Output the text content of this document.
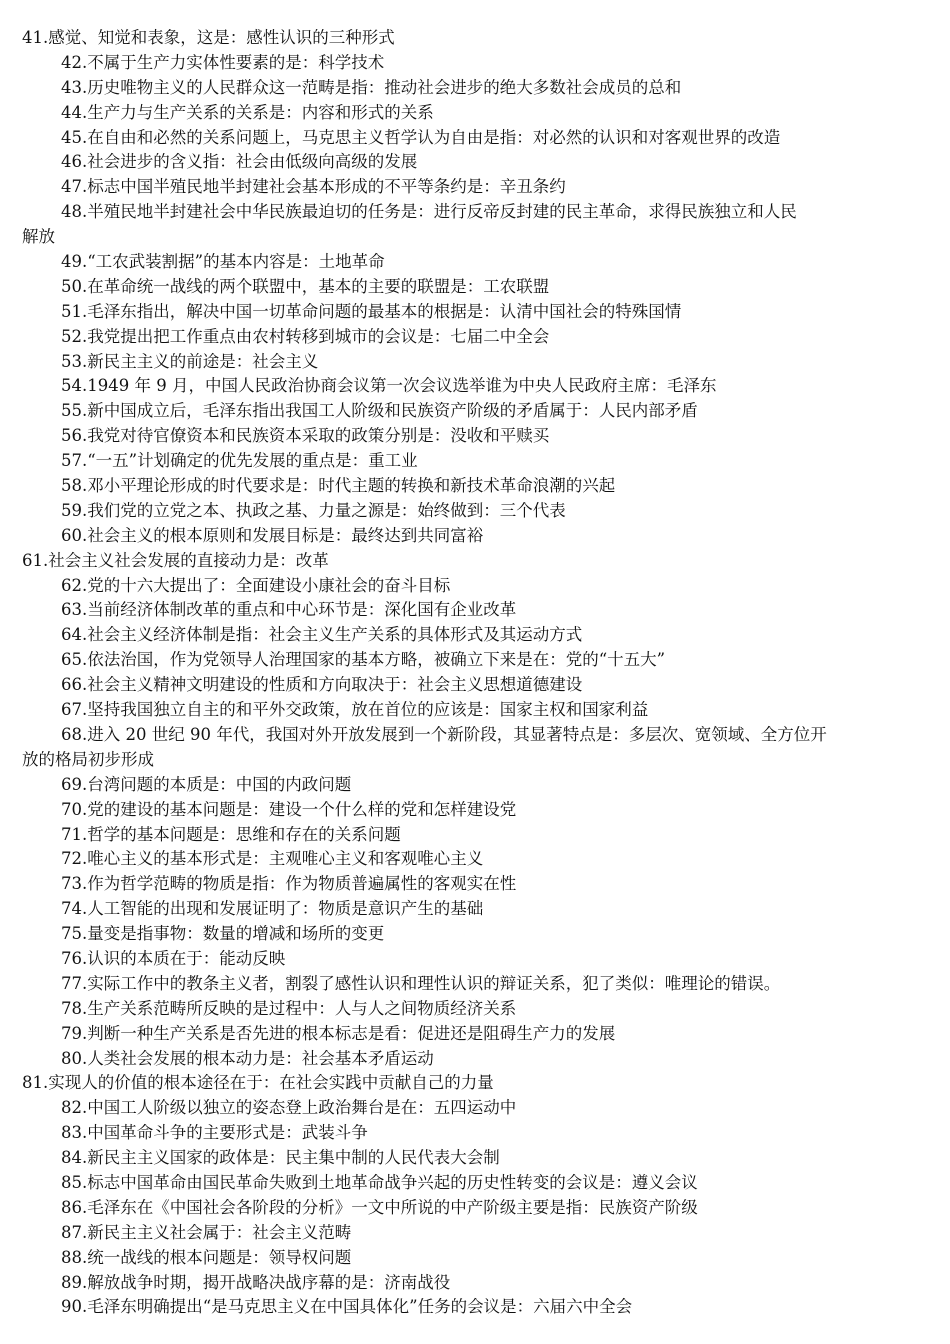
41.感觉、知觉和表象，这是：感性认识的三种形式

42.不属于生产力实体性要素的是：科学技术

43.历史唯物主义的人民群众这一范畴是指：推动社会进步的绝大多数社会成员的总和

44.生产力与生产关系的关系是：内容和形式的关系

45.在自由和必然的关系问题上，马克思主义哲学认为自由是指：对必然的认识和对客观世界的改造

46.社会进步的含义指：社会由低级向高级的发展

47.标志中国半殖民地半封建社会基本形成的不平等条约是：辛丑条约

48.半殖民地半封建社会中华民族最迫切的任务是：进行反帝反封建的民主革命，求得民族独立和人民

解放

49.“工农武装割据”的基本内容是：土地革命

50.在革命统一战线的两个联盟中，基本的主要的联盟是：工农联盟

51.毛泽东指出，解决中国一切革命问题的最基本的根据是：认清中国社会的特殊国情

52.我党提出把工作重点由农村转移到城市的会议是：七届二中全会

53.新民主主义的前途是：社会主义

54.1949 年 9 月，中国人民政治协商会议第一次会议选举谁为中央人民政府主席：毛泽东

55.新中国成立后，毛泽东指出我国工人阶级和民族资产阶级的矛盾属于：人民内部矛盾

56.我党对待官僚资本和民族资本采取的政策分别是：没收和平赎买

57.“一五”计划确定的优先发展的重点是：重工业

58.邓小平理论形成的时代要求是：时代主题的转换和新技术革命浪潮的兴起

59.我们党的立党之本、执政之基、力量之源是：始终做到：三个代表

60.社会主义的根本原则和发展目标是：最终达到共同富裕

61.社会主义社会发展的直接动力是：改革

62.党的十六大提出了：全面建设小康社会的奋斗目标

63.当前经济体制改革的重点和中心环节是：深化国有企业改革

64.社会主义经济体制是指：社会主义生产关系的具体形式及其运动方式

65.依法治国，作为党领导人治理国家的基本方略，被确立下来是在：党的“十五大”

66.社会主义精神文明建设的性质和方向取决于：社会主义思想道德建设

67.坚持我国独立自主的和平外交政策，放在首位的应该是：国家主权和国家利益

68.进入 20 世纪 90 年代，我国对外开放发展到一个新阶段，其显著特点是：多层次、宽领域、全方位开

放的格局初步形成

69.台湾问题的本质是：中国的内政问题

70.党的建设的基本问题是：建设一个什么样的党和怎样建设党

71.哲学的基本问题是：思维和存在的关系问题

72.唯心主义的基本形式是：主观唯心主义和客观唯心主义

73.作为哲学范畴的物质是指：作为物质普遍属性的客观实在性

74.人工智能的出现和发展证明了：物质是意识产生的基础

75.量变是指事物：数量的增减和场所的变更

76.认识的本质在于：能动反映

77.实际工作中的教条主义者，割裂了感性认识和理性认识的辩证关系，犯了类似：唯理论的错误。

78.生产关系范畴所反映的是过程中：人与人之间物质经济关系

79.判断一种生产关系是否先进的根本标志是看：促进还是阻碍生产力的发展

80.人类社会发展的根本动力是：社会基本矛盾运动

81.实现人的价值的根本途径在于：在社会实践中贡献自己的力量

82.中国工人阶级以独立的姿态登上政治舞台是在：五四运动中

83.中国革命斗争的主要形式是：武装斗争

84.新民主主义国家的政体是：民主集中制的人民代表大会制

85.标志中国革命由国民革命失败到土地革命战争兴起的历史性转变的会议是：遵义会议

86.毛泽东在《中国社会各阶段的分析》一文中所说的中产阶级主要是指：民族资产阶级

87.新民主主义社会属于：社会主义范畴

88.统一战线的根本问题是：领导权问题

89.解放战争时期，揭开战略决战序幕的是：济南战役

90.毛泽东明确提出“是马克思主义在中国具体化”任务的会议是：六届六中全会
